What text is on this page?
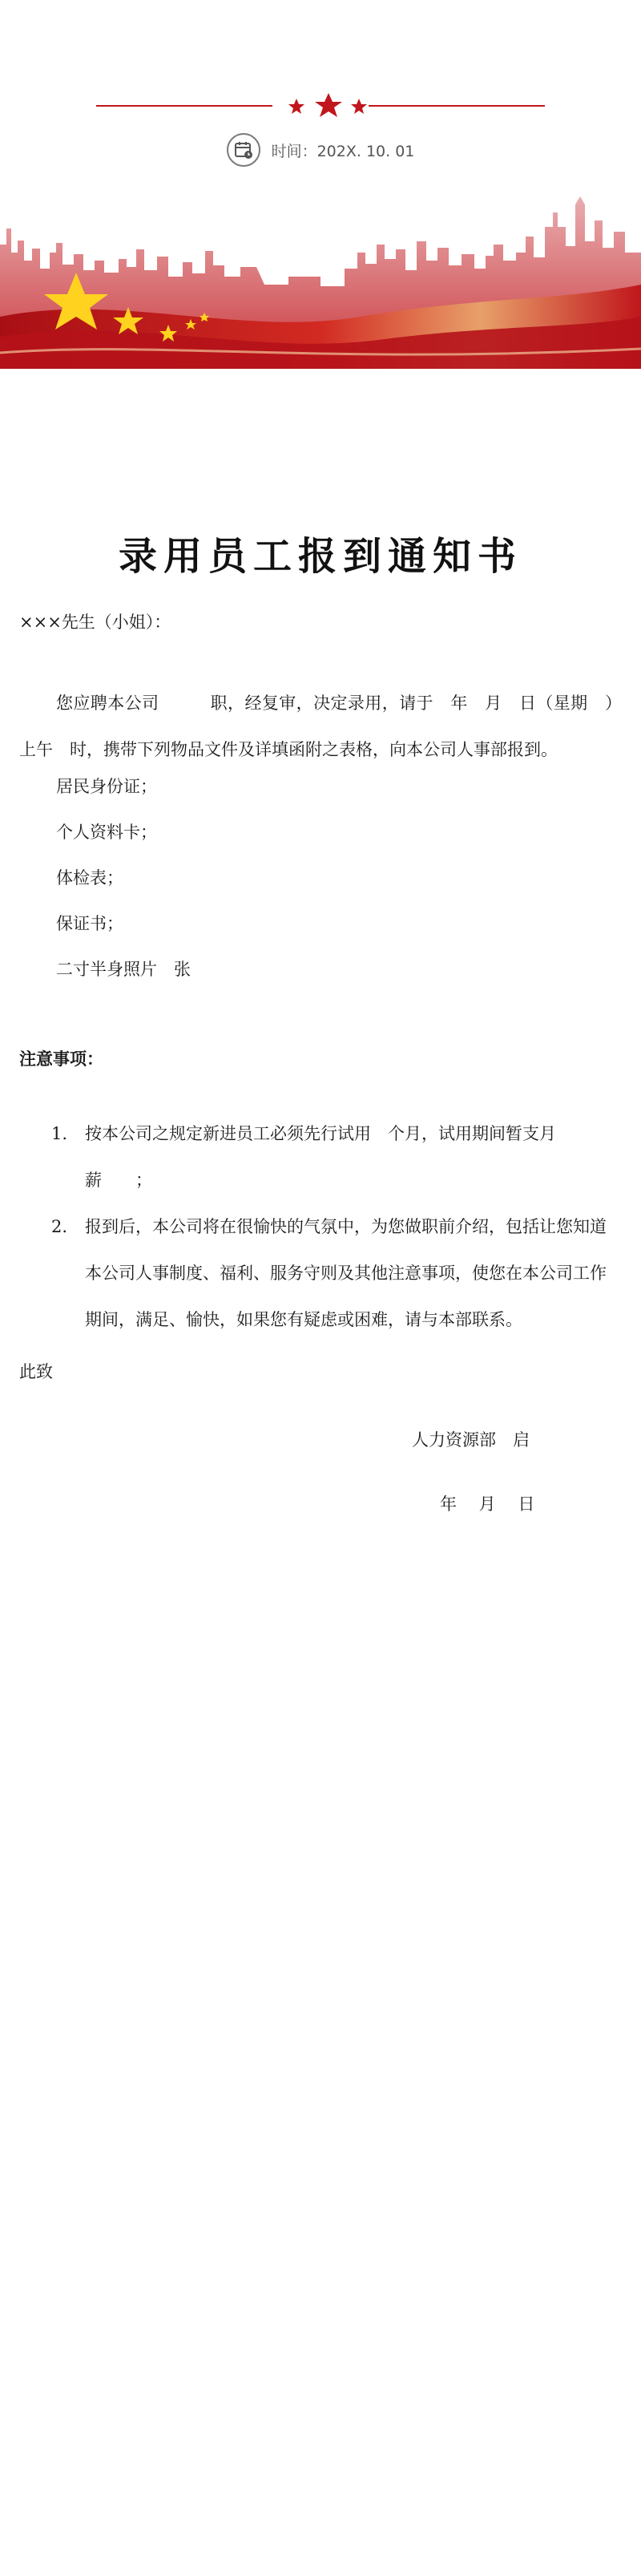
时间：202X. 10. 01
录用员工报到通知书

×××先生（小姐）：

您应聘本公司　　　职，经复审，决定录用，请于　年　月　日（星期　）上午　时，携带下列物品文件及详填函附之表格，向本公司人事部报到。

居民身份证；

个人资料卡；

体检表；

保证书；

二寸半身照片　张

注意事项：

1. 按本公司之规定新进员工必须先行试用　个月，试用期间暂支月薪　　；
2. 报到后，本公司将在很愉快的气氛中，为您做职前介绍，包括让您知道本公司人事制度、福利、服务守则及其他注意事项，使您在本公司工作期间，满足、愉快，如果您有疑虑或困难，请与本部联系。

此致

人力资源部　启

年　 月　 日
